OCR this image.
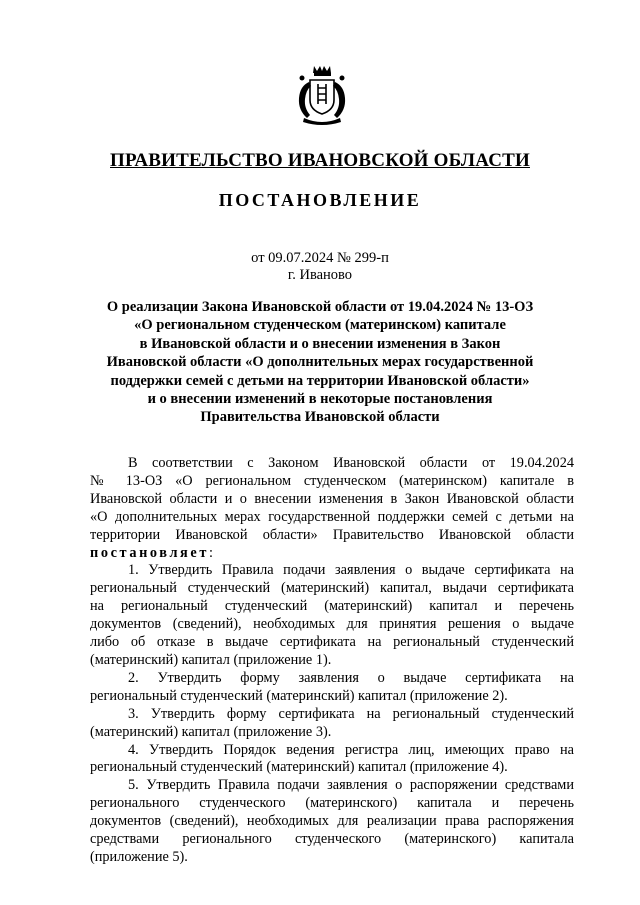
ПРАВИТЕЛЬСТВО ИВАНОВСКОЙ ОБЛАСТИ
ПОСТАНОВЛЕНИЕ
от 09.07.2024 № 299-п
г. Иваново
О реализации Закона Ивановской области от 19.04.2024 № 13-ОЗ
«О региональном студенческом (материнском) капитале
в Ивановской области и о внесении изменения в Закон
Ивановской области «О дополнительных мерах государственной
поддержки семей с детьми на территории Ивановской области»
и о внесении изменений в некоторые постановления
Правительства Ивановской области
В соответствии с Законом Ивановской области от 19.04.2024
№ 13-ОЗ «О региональном студенческом (материнском) капитале в
Ивановской области и о внесении изменения в Закон Ивановской области
«О дополнительных мерах государственной поддержки семей с детьми на
территории Ивановской области» Правительство Ивановской области
постановляет:
1. Утвердить Правила подачи заявления о выдаче сертификата на
региональный студенческий (материнский) капитал, выдачи сертификата
на региональный студенческий (материнский) капитал и перечень
документов (сведений), необходимых для принятия решения о выдаче
либо об отказе в выдаче сертификата на региональный студенческий
(материнский) капитал (приложение 1).
2. Утвердить форму заявления о выдаче сертификата на
региональный студенческий (материнский) капитал (приложение 2).
3. Утвердить форму сертификата на региональный студенческий
(материнский) капитал (приложение 3).
4. Утвердить Порядок ведения регистра лиц, имеющих право на
региональный студенческий (материнский) капитал (приложение 4).
5. Утвердить Правила подачи заявления о распоряжении средствами
регионального студенческого (материнского) капитала и перечень
документов (сведений), необходимых для реализации права распоряжения
средствами регионального студенческого (материнского) капитала
(приложение 5).
